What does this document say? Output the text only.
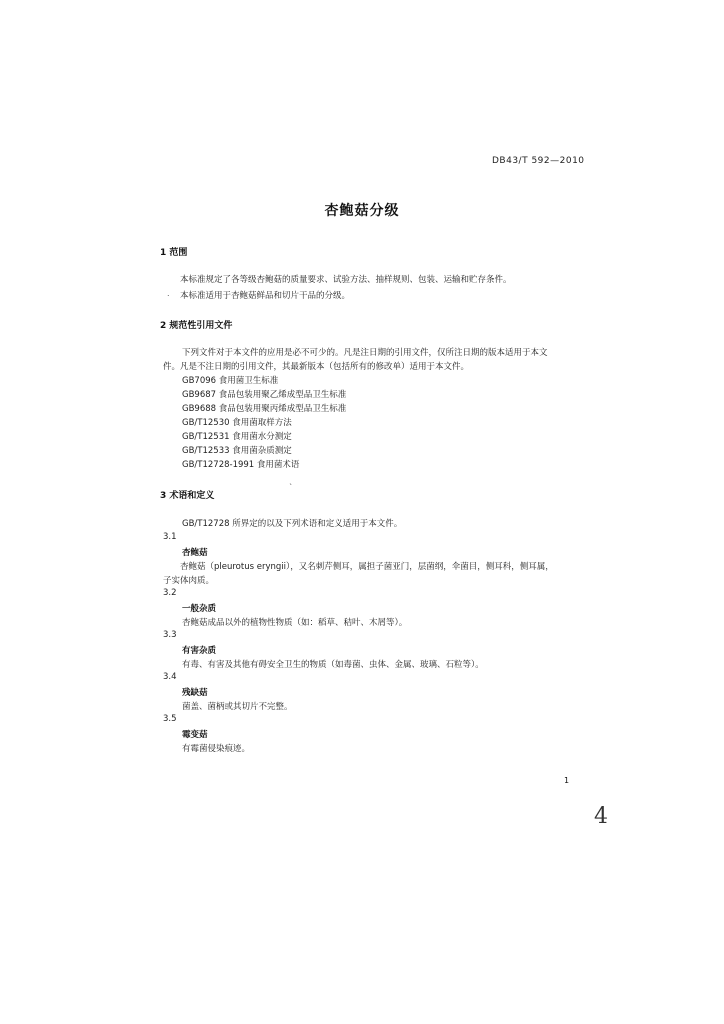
DB43/T 592—2010
杏鲍菇分级
1 范围
本标准规定了各等级杏鲍菇的质量要求、试验方法、抽样规则、包装、运输和贮存条件。
. 本标准适用于杏鲍菇鲜品和切片干品的分级。
2 规范性引用文件
下列文件对于本文件的应用是必不可少的。凡是注日期的引用文件，仅所注日期的版本适用于本文
件。凡是不注日期的引用文件，其最新版本（包括所有的修改单）适用于本文件。
GB7096 食用菌卫生标准
GB9687 食品包装用聚乙烯成型品卫生标准
GB9688 食品包装用聚丙烯成型品卫生标准
GB/T12530 食用菌取样方法
GB/T12531 食用菌水分测定
GB/T12533 食用菌杂质测定
GB/T12728-1991 食用菌术语
3 术语和定义
`
GB/T12728 所界定的以及下列术语和定义适用于本文件。
3.1
杏鲍菇
杏鲍菇（pleurotus eryngii），又名刺芹侧耳，属担子菌亚门，层菌纲，伞菌目，侧耳科，侧耳属，
子实体肉质。
3.2
一般杂质
杏鲍菇成品以外的植物性物质（如：稻草、秸叶、木屑等）。
3.3
有害杂质
有毒、有害及其他有碍安全卫生的物质（如毒菌、虫体、金属、玻璃、石粒等）。
3.4
残缺菇
菌盖、菌柄或其切片不完整。
3.5
霉变菇
有霉菌侵染痕迹。
1
4
